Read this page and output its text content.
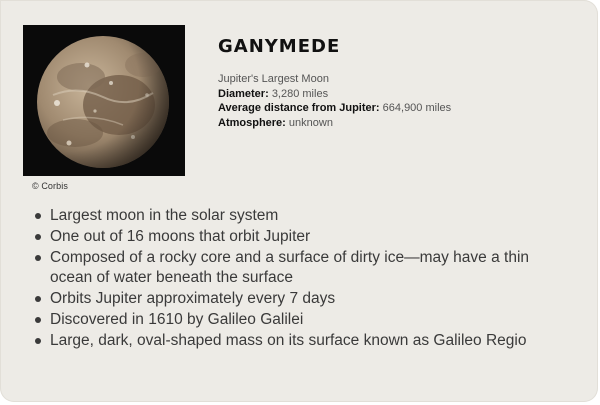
© Corbis
GANYMEDE
Jupiter's Largest Moon
Diameter: 3,280 miles
Average distance from Jupiter: 664,900 miles
Atmosphere: unknown
Largest moon in the solar system
One out of 16 moons that orbit Jupiter
Composed of a rocky core and a surface of dirty ice—may have a thin ocean of water beneath the surface
Orbits Jupiter approximately every 7 days
Discovered in 1610 by Galileo Galilei
Large, dark, oval-shaped mass on its surface known as Galileo Regio
